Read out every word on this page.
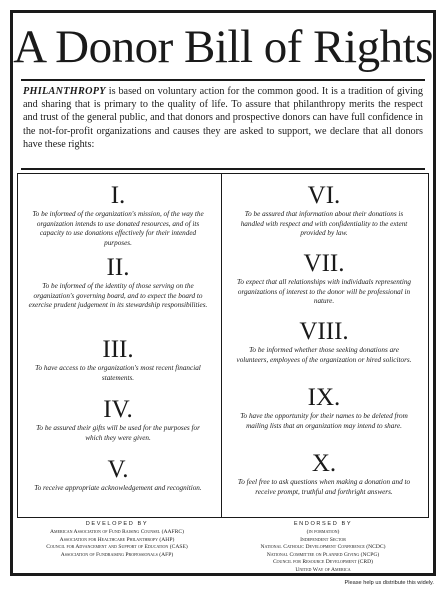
A Donor Bill of Rights

PHILANTHROPY is based on voluntary action for the common good. It is a tradition of giving and sharing that is primary to the quality of life. To assure that philanthropy merits the respect and trust of the general public, and that donors and prospective donors can have full confidence in the not-for-profit organizations and causes they are asked to support, we declare that all donors have these rights:

I.
To be informed of the organization's mission, of the way the organization intends to use donated resources, and of its capacity to use donations effectively for their intended purposes.
II.
To be informed of the identity of those serving on the organization's governing board, and to expect the board to exercise prudent judgement in its stewardship responsibilities.
III.
To have access to the organization's most recent financial statements.
IV.
To be assured their gifts will be used for the purposes for which they were given.
V.
To receive appropriate acknowledgement and recognition.
VI.
To be assured that information about their donations is handled with respect and with confidentiality to the extent provided by law.
VII.
To expect that all relationships with individuals representing organizations of interest to the donor will be professional in nature.
VIII.
To be informed whether those seeking donations are volunteers, employees of the organization or hired solicitors.
IX.
To have the opportunity for their names to be deleted from mailing lists that an organization may intend to share.
X.
To feel free to ask questions when making a donation and to receive prompt, truthful and forthright answers.
DEVELOPED BY
American Association of Fund Raising Counsel (AAFRC)
Association for Healthcare Philanthropy (AHP)
Council for Advancement and Support of Education (CASE)
Association of Fundraising Professionals (AFP)
ENDORSED BY
(in formation)
Independent Sector
National Catholic Development Conference (NCDC)
National Committee on Planned Giving (NCPG)
Council for Resource Development (CRD)
United Way of America
Please help us distribute this widely.
